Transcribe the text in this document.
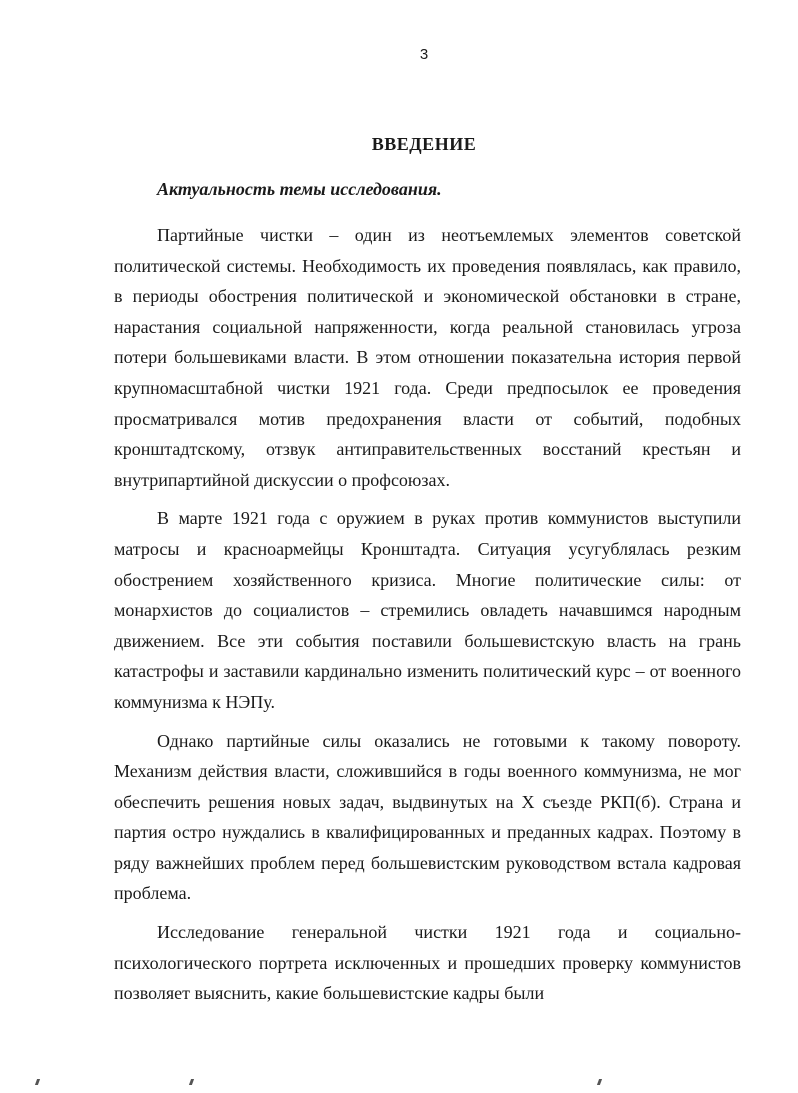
3
ВВЕДЕНИЕ
Актуальность темы исследования.

Партийные чистки – один из неотъемлемых элементов советской политической системы. Необходимость их проведения появлялась, как правило, в периоды обострения политической и экономической обстановки в стране, нарастания социальной напряженности, когда реальной становилась угроза потери большевиками власти. В этом отношении показательна история первой крупномасштабной чистки 1921 года. Среди предпосылок ее проведения просматривался мотив предохранения власти от событий, подобных кронштадтскому, отзвук антиправительственных восстаний крестьян и внутрипартийной дискуссии о профсоюзах.

В марте 1921 года с оружием в руках против коммунистов выступили матросы и красноармейцы Кронштадта. Ситуация усугублялась резким обострением хозяйственного кризиса. Многие политические силы: от монархистов до социалистов – стремились овладеть начавшимся народным движением. Все эти события поставили большевистскую власть на грань катастрофы и заставили кардинально изменить политический курс – от военного коммунизма к НЭПу.

Однако партийные силы оказались не готовыми к такому повороту. Механизм действия власти, сложившийся в годы военного коммунизма, не мог обеспечить решения новых задач, выдвинутых на X съезде РКП(б). Страна и партия остро нуждались в квалифицированных и преданных кадрах. Поэтому в ряду важнейших проблем перед большевистским руководством встала кадровая проблема.

Исследование генеральной чистки 1921 года и социально-психологического портрета исключенных и прошедших проверку коммунистов позволяет выяснить, какие большевистские кадры были
